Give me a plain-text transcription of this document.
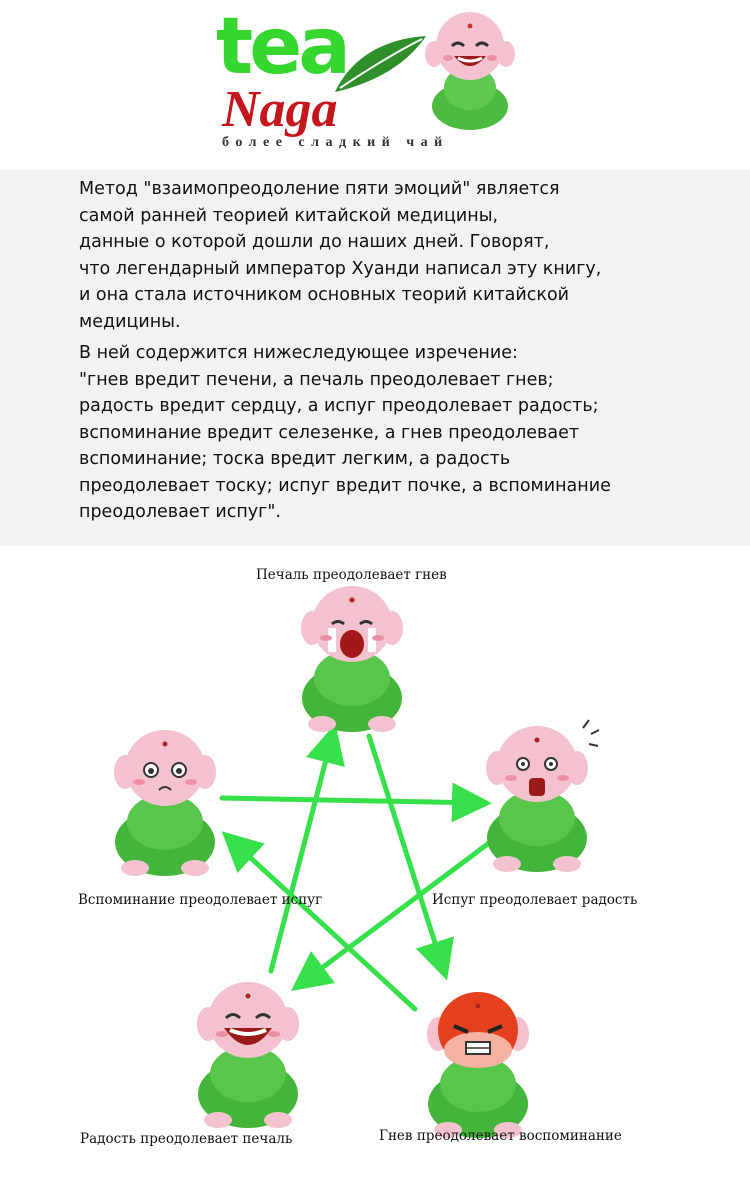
tea
Naga
более сладкий чай

Метод "взаимопреодоление пяти эмоций" является
самой ранней теорией китайской медицины,
данные о которой дошли до наших дней. Говорят,
что легендарный император Хуанди написал эту книгу,
и она стала источником основных теорий китайской
медицины.

В ней содержится нижеследующее изречение:
"гнев вредит печени, а печаль преодолевает гнев;
радость вредит сердцу, а испуг преодолевает радость;
вспоминание вредит селезенке, а гнев преодолевает
вспоминание; тоска вредит легким, а радость
преодолевает тоску; испуг вредит почке, а вспоминание
преодолевает испуг".

Печаль преодолевает гнев
Испуг преодолевает радость
Гнев преодолевает воспоминание
Радость преодолевает печаль
Вспоминание преодолевает испуг
